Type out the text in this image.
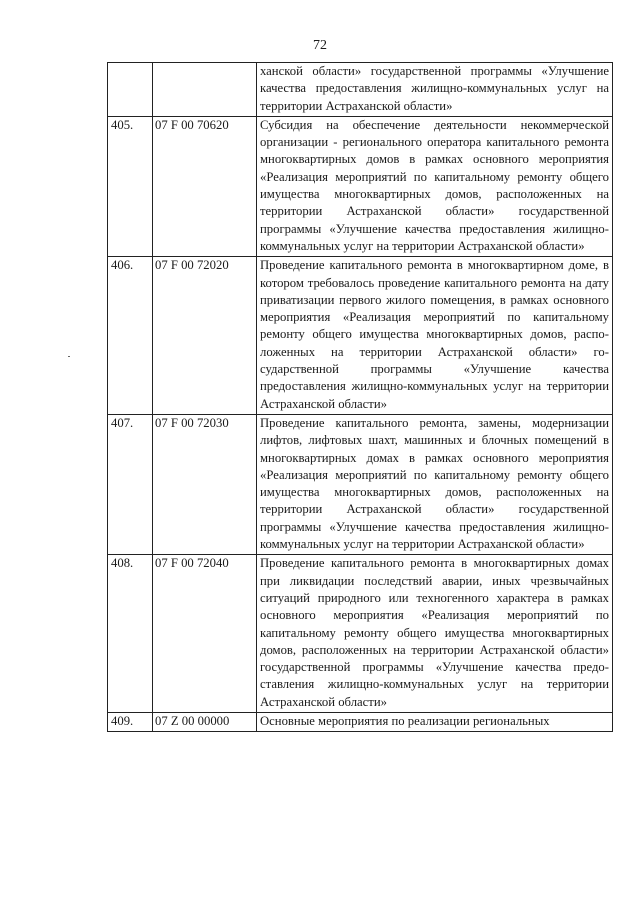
72
		ханской области» государственной программы «Улучшение качества предоставления жилищно-коммунальных услуг на территории Астраханской области»
405.	07 F 00 70620	Субсидия на обеспечение деятельности некоммерческой организации - регионального оператора капитального ремонта многоквартирных домов в рамках основного мероприятия «Реализация мероприятий по капитальному ремонту общего имущества многоквартирных домов, расположенных на территории Астраханской области» государственной программы «Улучшение качества предоставления жилищно-коммунальных услуг на территории Астраханской области»
406.	07 F 00 72020	Проведение капитального ремонта в многоквартирном доме, в котором требовалось проведение капитального ремонта на дату приватизации первого жилого помещения, в рамках основного мероприятия «Реализация мероприятий по капитальному ремонту общего имущества многоквартирных домов, расположенных на территории Астраханской области» государственной программы «Улучшение качества предоставления жилищно-коммунальных услуг на территории Астраханской области»
407.	07 F 00 72030	Проведение капитального ремонта, замены, модернизации лифтов, лифтовых шахт, машинных и блочных помещений в многоквартирных домах в рамках основного мероприятия «Реализация мероприятий по капитальному ремонту общего имущества многоквартирных домов, расположенных на территории Астраханской области» государственной программы «Улучшение качества предоставления жилищно-коммунальных услуг на территории Астраханской области»
408.	07 F 00 72040	Проведение капитального ремонта в многоквартирных домах при ликвидации последствий аварии, иных чрезвычайных ситуаций природного или техногенного характера в рамках основного мероприятия «Реализация мероприятий по капитальному ремонту общего имущества многоквартирных домов, расположенных на территории Астраханской области» государственной программы «Улучшение качества предоставления жилищно-коммунальных услуг на территории Астраханской области»
409.	07 Z 00 00000	Основные мероприятия по реализации региональных
